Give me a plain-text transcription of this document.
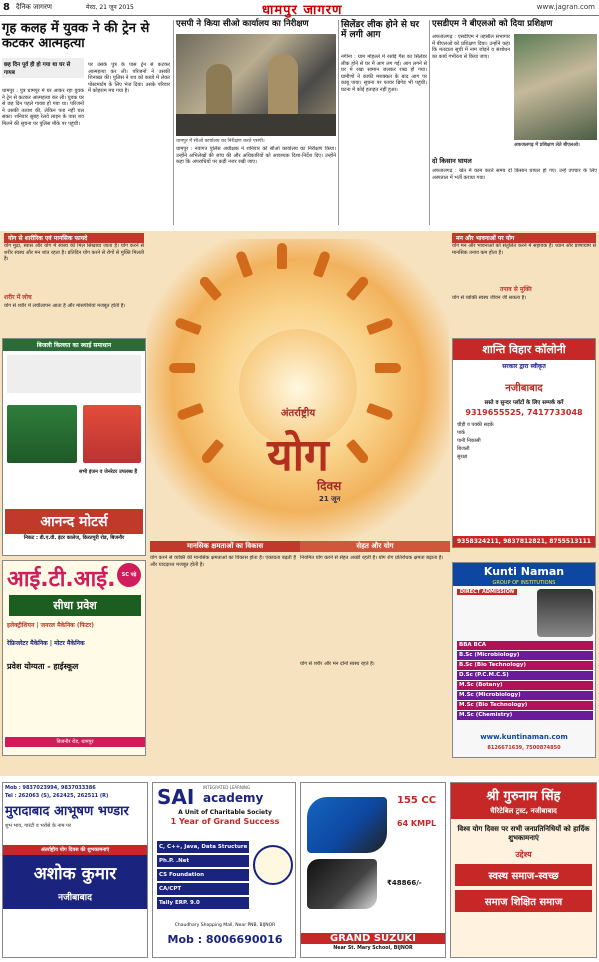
8 दैनिक जागरण	मेरठ, 21 जून 2015	धामपुर जागरण	www.jagran.com
गृह कलह में युवक ने की ट्रेन से कटकर आत्महत्या
छह दिन पूर्व ही हो गया था घर से गायब
धामपुर : पुत्र धामपुर में घर आकर रहा युवक ने ट्रेन से कटकर आत्महत्या कर ली। युवक घर से छह दिन पहले गायब हो गया था। परिजनों ने उसकी तलाश की, लेकिन पता नहीं चल सका। शनिवार सुबह रेलवे लाइन के पास शव मिलने की सूचना पर पुलिस मौके पर पहुंची।
पर उसके पुत्र के पास ट्रेन से कटकर आत्महत्या कर ली। परिजनों ने उसकी शिनाख्त की। पुलिस ने शव को कब्जे में लेकर पोस्टमार्टम के लिए भेज दिया। उसके परिवार में कोहराम मच गया है।
एसपी ने किया सीओ कार्यालय का निरीक्षण
धामपुर में सीओ कार्यालय का निरीक्षण करते एसपी।
धामपुर : नवागत पुलिस अधीक्षक ने शनिवार को सीओ कार्यालय का निरीक्षण किया। उन्होंने अभिलेखों की जांच की और अधिकारियों को आवश्यक दिशा-निर्देश दिए। उन्होंने कहा कि अपराधियों पर कड़ी नजर रखी जाए।
सिलेंडर लीक होने से घर में लगी आग
नगीना : ग्राम मोहल्ले में रसोई गैस का सिलेंडर लीक होने से घर में आग लग गई। आग लगने से घर में रखा सामान जलकर राख हो गया। ग्रामीणों ने काफी मशक्कत के बाद आग पर काबू पाया। सूचना पर फायर ब्रिगेड भी पहुंची। घटना में कोई हताहत नहीं हुआ।
एसडीएम ने बीएलओ को दिया प्रशिक्षण
अफजलगढ़ : एसडीएम ने तहसील सभागार में बीएलओ को प्रशिक्षण दिया। उन्होंने कहा कि मतदाता सूची में नाम जोड़ने व संशोधन का कार्य गंभीरता से किया जाए।
अफजलगढ़ में प्रशिक्षण लेते बीएलओ।
दो किसान घायल
अफजलगढ़ : खेत में काम करते समय दो किसान घायल हो गए। उन्हें उपचार के लिए अस्पताल में भर्ती कराया गया।
योग से शारीरिक एवं मानसिक फायदे
योग मुद्रा, स्वास और योग में स्वस्थ की मिल सिखाया जाता है। योग करने से शरीर स्वस्थ और मन शांत रहता है। प्रतिदिन योग करने से रोगों से मुक्ति मिलती है।
शरीर में लोच
योग से शरीर में लचीलापन आता है और मांसपेशियां मजबूत होती हैं।
मन और भावनाओं पर योग
योग मन और भावनाओं को संतुलित करने में सहायक है। ध्यान और प्राणायाम से मानसिक तनाव कम होता है।
तनाव से मुक्ति
योग से व्यक्ति स्वस्थ जीवन जी सकता है।
अंतर्राष्ट्रीय
योग
दिवस
21 जून
मानसिक क्षमताओं का विकास	सेहत और योग
योग करने से व्यक्ति की मानसिक क्षमताओं का विकास होता है। एकाग्रता बढ़ती है और याददाश्त मजबूत होती है।
नियमित योग करने से सेहत अच्छी रहती है। योग रोग प्रतिरोधक क्षमता बढ़ाता है।
योग से शरीर और मन दोनों स्वस्थ रहते हैं।
बिजली किल्लत का स्थाई समाधान
सभी इंजन व जेनरेटर उपलब्ध हैं
आनन्द मोटर्स
निकट : डी.ए.वी. इंटर कालेज, किरतपुरी रोड, बिजनौर
आई.टी.आई.	SC पढ़े
सीधा प्रवेश
इलेक्ट्रीशियन | जनरल मैकेनिक (फिटर)
रेफ्रिजरेटर मैकेनिक | मोटर मैकेनिक
प्रवेश योग्यता - हाईस्कूल
बिजनौर रोड, धामपुर
शान्ति विहार कॉलोनी
सरकार द्वारा स्वीकृत
नजीबाबाद
सस्ते व सुन्दर प्लॉटों के लिए सम्पर्क करें
9319655525, 7417733048
चौड़ी व पक्की सड़कें
पार्क
पानी निकासी
बिजली
सुरक्षा
9358324211, 9837812821, 8755513111
Kunti Naman
GROUP OF INSTITUTIONS
DIRECT ADMISSION
BBA BCA
B.Sc (Microbiology)
B.Sc (Bio Technology)
D.Sc (P.C.M.C.S)
M.Sc (Botany)
M.Sc (Microbiology)
M.Sc (Bio Technology)
M.Sc (Chemistry)
www.kuntinaman.com
8126671639, 7500874850
Mob : 9837023994, 9837033386
Tel : 262063 (S), 262425, 262511 (R)
मुरादाबाद आभूषण भण्डार
शुभ भाव, गारंटी व भरोसे के नाम पर
अंतर्राष्ट्रीय योग दिवस की शुभकामनाएं
अशोक कुमार
नजीबाबाद
SAI INTEGRATED LEARNING
academy
A Unit of Charitable Society
1 Year of Grand Success
C, C++, Java, Data Structure
Ph.P. .Net
CS Foundation
CA/CPT
Tally ERP. 9.0
Chaudhary Shopping Mall, Near PNB, BIJNOR
Mob : 8006690016
155 CC
64 KMPL
₹48866/-
GRAND SUZUKI
Near St. Mary School, BIJNOR
श्री गुरुनाम सिंह
चैरिटेबिल ट्रस्ट, नजीबाबाद
विश्व योग दिवस पर सभी जनप्रतिनिधियों को हार्दिक शुभकामनाएं
उद्देश्य
स्वस्थ समाज-स्वच्छ
समाज शिक्षित समाज
